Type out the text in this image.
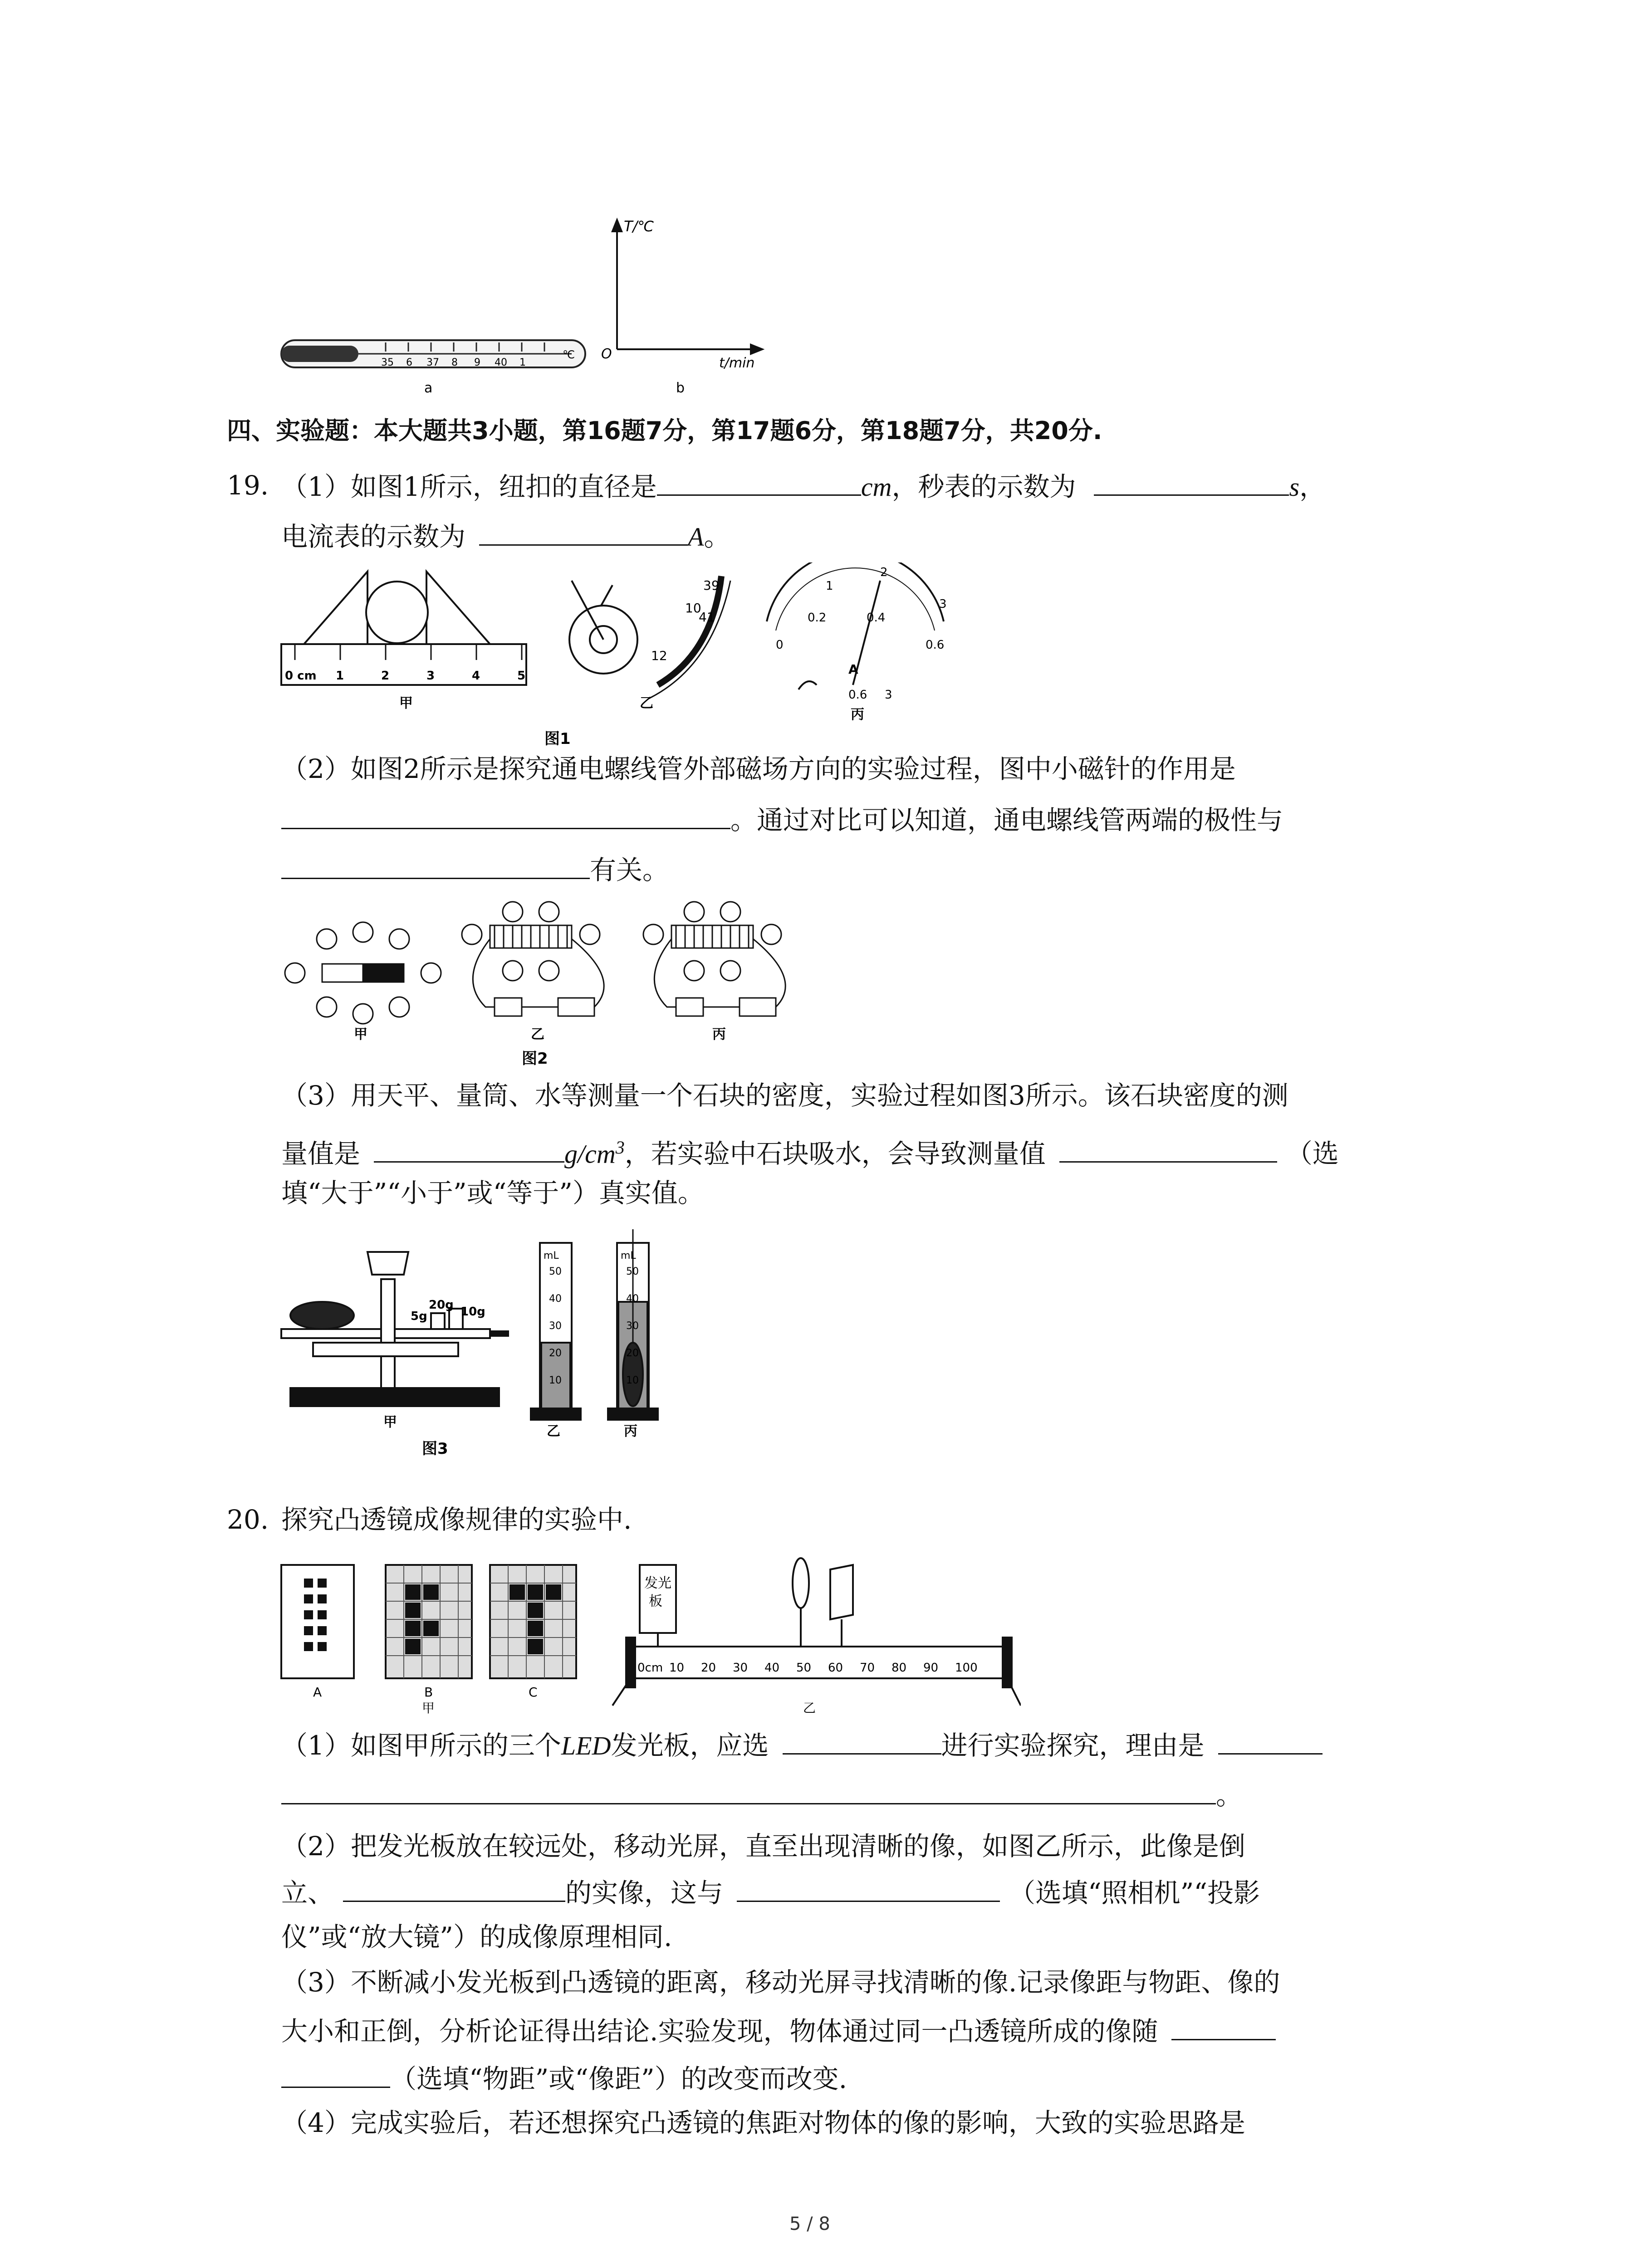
35 6 37 8 9 40 1
℃
a
T/℃
t/min
O
b
四、实验题：本大题共3小题，第16题7分，第17题6分，第18题7分，共20分.
19. （1）如图1所示，纽扣的直径是	cm，秒表的示数为	s，
电流表的示数为	A。
0 cm 1	2	3	4	5
甲
39
10
41
12
乙
0
0.2	0.4
0.6
1
2
3
A
0.6 3
丙
图1
（2）如图2所示是探究通电螺线管外部磁场方向的实验过程，图中小磁针的作用是
。通过对比可以知道，通电螺线管两端的极性与
有关。
甲	乙	丙
图2
（3）用天平、量筒、水等测量一个石块的密度，实验过程如图3所示。该石块密度的测
量值是	$g/cm^3$，若实验中石块吸水，会导致测量值	（选
填“大于”“小于”或“等于”）真实值。
20g 10g
5g
甲
mL
50
40
30
20
10
乙
mL
50
40
30
20
10
丙
图3
20. 探究凸透镜成像规律的实验中.
A	B
甲
C
发光
板
0cm 10 20 30 40 50 60 70 80 90 100
乙
（1）如图甲所示的三个LED发光板，应选	进行实验探究，理由是
。
（2）把发光板放在较远处，移动光屏，直至出现清晰的像，如图乙所示，此像是倒
立、	的实像，这与	（选填“照相机”“投影
仪”或“放大镜”）的成像原理相同.
（3）不断减小发光板到凸透镜的距离，移动光屏寻找清晰的像.记录像距与物距、像的
大小和正倒，分析论证得出结论.实验发现，物体通过同一凸透镜所成的像随
（选填“物距”或“像距”）的改变而改变.
（4）完成实验后，若还想探究凸透镜的焦距对物体的像的影响，大致的实验思路是
5 / 8
